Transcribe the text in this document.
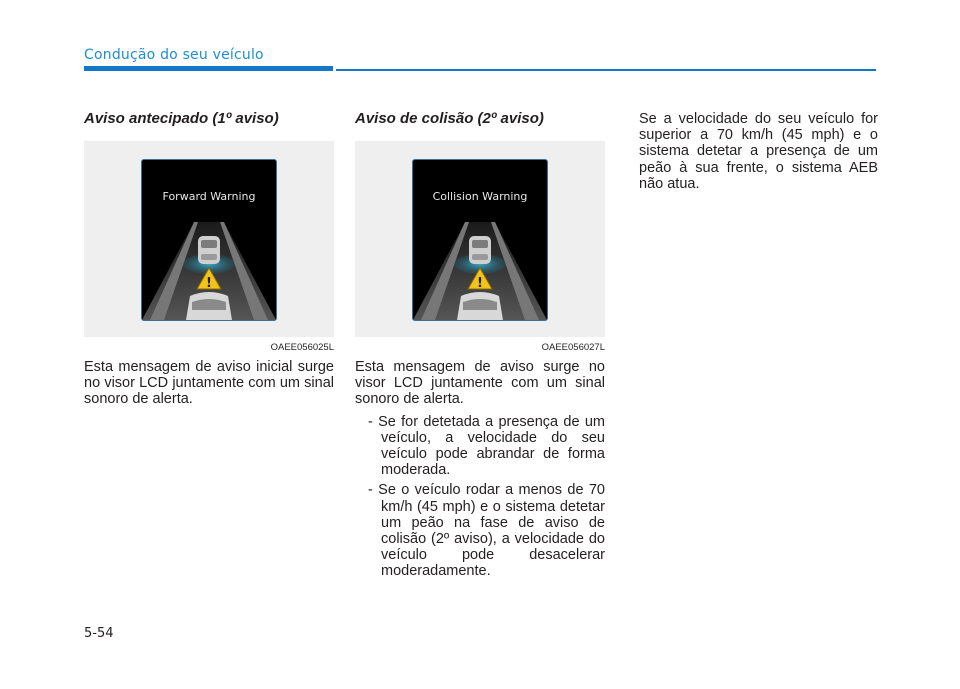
Condução do seu veículo
Aviso antecipado (1º aviso)
!
Forward Warning
OAEE056025L

Esta mensagem de aviso inicial surge no visor LCD juntamente com um sinal sonoro de alerta.

Aviso de colisão (2º aviso)
!
Collision Warning
OAEE056027L

Esta mensagem de aviso surge no visor LCD juntamente com um sinal sonoro de alerta.

- Se for detetada a presença de um veículo, a velocidade do seu veículo pode abrandar de forma moderada.
- Se o veículo rodar a menos de 70 km/h (45 mph) e o sistema detetar um peão na fase de aviso de colisão (2º aviso), a velocidade do veículo pode desacelerar moderadamente.

Se a velocidade do seu veículo for superior a 70 km/h (45 mph) e o sistema detetar a presença de um peão à sua frente, o sistema AEB não atua.

5-54
